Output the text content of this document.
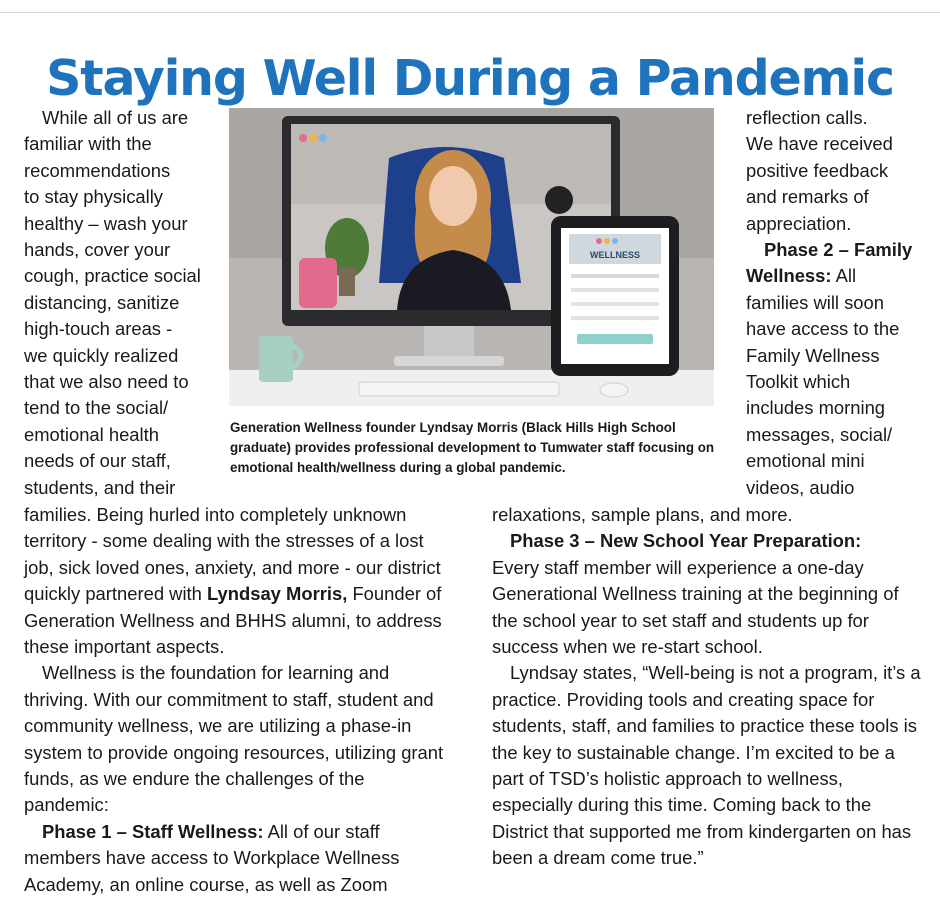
Staying Well During a Pandemic
WELLNESS
While all of us are
familiar with the
recommendations
to stay physically
healthy – wash your
hands, cover your
cough, practice social
distancing, sanitize
high-touch areas -
we quickly realized
that we also need to
tend to the social/
emotional health
needs of our staff,
students, and their
reflection calls.
We have received
positive feedback
and remarks of
appreciation.
Phase 2 – Family
Wellness: All
families will soon
have access to the
Family Wellness
Toolkit which
includes morning
messages, social/
emotional mini
videos, audio
Generation Wellness founder Lyndsay Morris (Black Hills High School graduate) provides professional development to Tumwater staff focusing on emotional health/wellness during a global pandemic.

families. Being hurled into completely unknown territory - some dealing with the stresses of a lost job, sick loved ones, anxiety, and more - our district quickly partnered with Lyndsay Morris, Founder of Generation Wellness and BHHS alumni, to address these important aspects.

Wellness is the foundation for learning and thriving. With our commitment to staff, student and community wellness, we are utilizing a phase-in system to provide ongoing resources, utilizing grant funds, as we endure the challenges of the pandemic:

Phase 1 – Staff Wellness: All of our staff members have access to Workplace Wellness Academy, an online course, as well as Zoom

relaxations, sample plans, and more.

Phase 3 – New School Year Preparation:

Every staff member will experience a one-day Generational Wellness training at the beginning of the school year to set staff and students up for success when we re-start school.

Lyndsay states, “Well-being is not a program, it’s a practice. Providing tools and creating space for students, staff, and families to practice these tools is the key to sustainable change. I’m excited to be a part of TSD’s holistic approach to wellness, especially during this time. Coming back to the District that supported me from kindergarten on has been a dream come true.”
